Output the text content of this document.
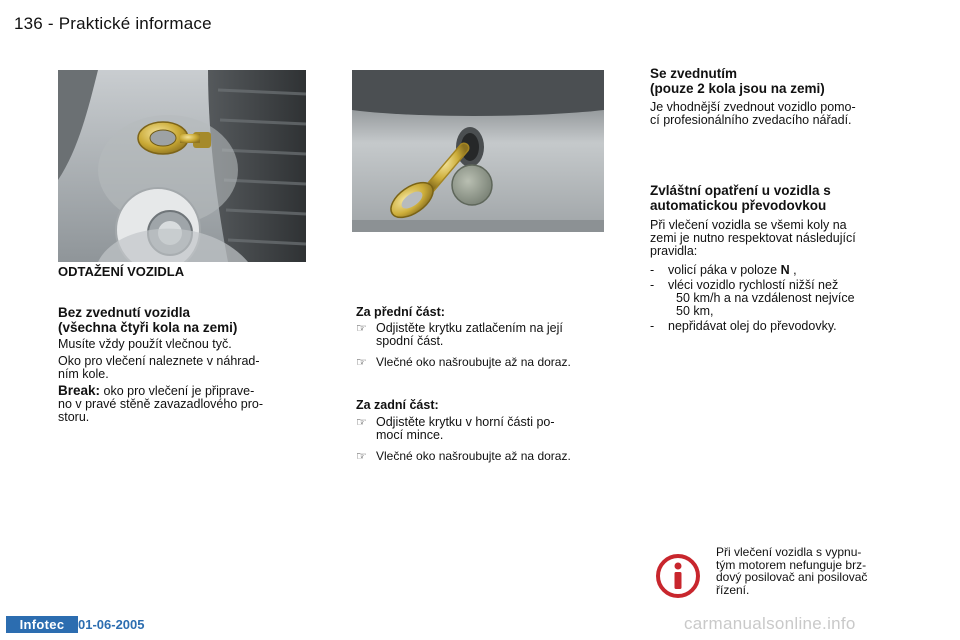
136 - Praktické informace
ODTAŽENÍ VOZIDLA
Bez zvednutí vozidla
(všechna čtyři kola na zemi)
Musíte vždy použít vlečnou tyč.
Oko pro vlečení naleznete v náhrad-
ním kole.
Break: oko pro vlečení je připrave-
no v pravé stěně zavazadlového pro-
storu.
Za přední část:
☞ Odjistěte krytku zatlačením na její
spodní část.
☞ Vlečné oko našroubujte až na doraz.
Za zadní část:
☞ Odjistěte krytku v horní části po-
mocí mince.
☞ Vlečné oko našroubujte až na doraz.
Se zvednutím
(pouze 2 kola jsou na zemi)
Je vhodnější zvednout vozidlo pomo-
cí profesionálního zvedacího nářadí.
Zvláštní opatření u vozidla s
automatickou převodovkou
Při vlečení vozidla se všemi koly na
zemi je nutno respektovat následující
pravidla:
- volicí páka v poloze N ,
- vléci vozidlo rychlostí nižší než
50 km/h a na vzdálenost nejvíce
50 km,
- nepřidávat olej do převodovky.
Při vlečení vozidla s vypnu-
tým motorem nefunguje brz-
dový posilovač ani posilovač
řízení.
Infotec	01-06-2005	carmanualsonline.info
